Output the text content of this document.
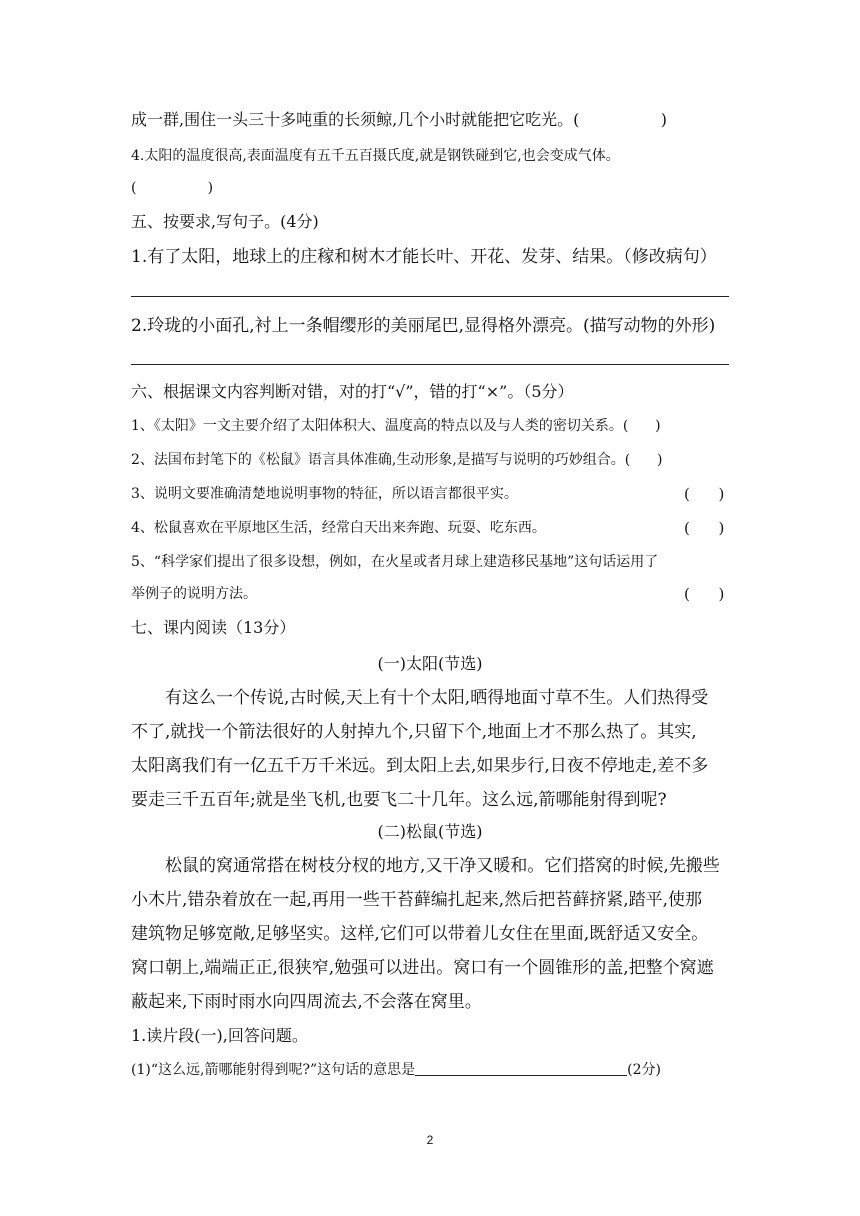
成一群,围住一头三十多吨重的长须鲸,几个小时就能把它吃光。(                )
4.太阳的温度很高,表面温度有五千五百摄氏度,就是钢铁碰到它,也会变成气体。
(                )
五、按要求,写句子。(4分)
1.有了太阳，地球上的庄稼和树木才能长叶、开花、发芽、结果。（修改病句）
2.玲珑的小面孔,衬上一条帽缨形的美丽尾巴,显得格外漂亮。(描写动物的外形)
六、根据课文内容判断对错，对的打“√”，错的打“×”。（5分）
1、《太阳》一文主要介绍了太阳体积大、温度高的特点以及与人类的密切关系。(      )
2、法国布封笔下的《松鼠》语言具体准确,生动形象,是描写与说明的巧妙组合。(      )
3、说明文要准确清楚地说明事物的特征，所以语言都很平实。	(      )
4、松鼠喜欢在平原地区生活，经常白天出来奔跑、玩耍、吃东西。	(      )
5、“科学家们提出了很多设想，例如，在火星或者月球上建造移民基地”这句话运用了
举例子的说明方法。	(      )
七、课内阅读（13分）
(一)太阳(节选)
有这么一个传说,古时候,天上有十个太阳,晒得地面寸草不生。人们热得受
不了,就找一个箭法很好的人射掉九个,只留下个,地面上才不那么热了。其实,
太阳离我们有一亿五千万千米远。到太阳上去,如果步行,日夜不停地走,差不多
要走三千五百年;就是坐飞机,也要飞二十几年。这么远,箭哪能射得到呢?
(二)松鼠(节选)
松鼠的窝通常搭在树枝分杈的地方,又干净又暖和。它们搭窝的时候,先搬些
小木片,错杂着放在一起,再用一些干苔藓编扎起来,然后把苔藓挤紧,踏平,使那
建筑物足够宽敞,足够坚实。这样,它们可以带着儿女住在里面,既舒适又安全。
窝口朝上,端端正正,很狭窄,勉强可以进出。窝口有一个圆锥形的盖,把整个窝遮
蔽起来,下雨时雨水向四周流去,不会落在窝里。
1.读片段(一),回答问题。
(1)“这么远,箭哪能射得到呢?”这句话的意思是	(2分)
2
